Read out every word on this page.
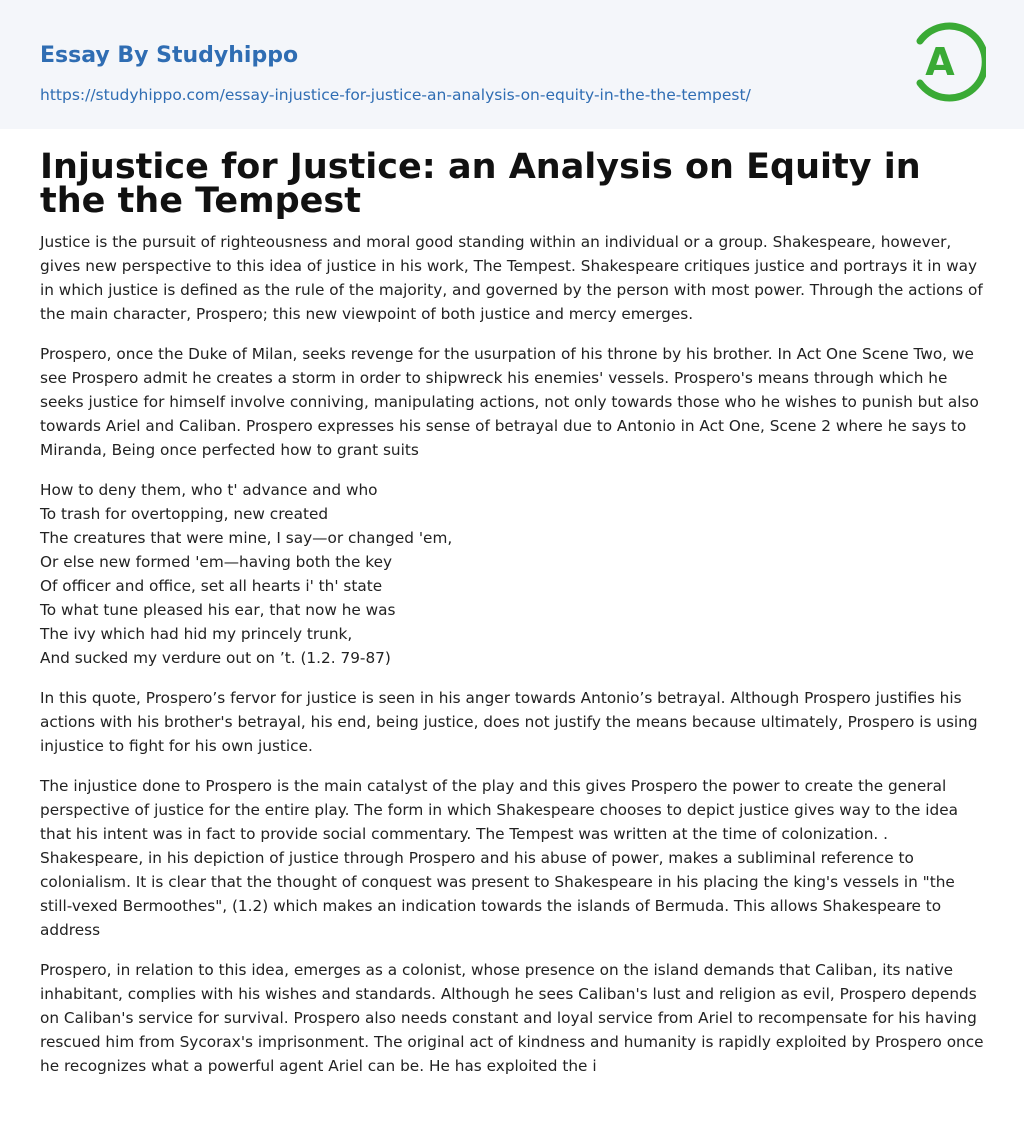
Essay By Studyhippo
https://studyhippo.com/essay-injustice-for-justice-an-analysis-on-equity-in-the-the-tempest/
A
Injustice for Justice: an Analysis on Equity in the the Tempest

Justice is the pursuit of righteousness and moral good standing within an individual or a group. Shakespeare, however, gives new perspective to this idea of justice in his work, The Tempest. Shakespeare critiques justice and portrays it in way in which justice is defined as the rule of the majority, and governed by the person with most power. Through the actions of the main character, Prospero; this new viewpoint of both justice and mercy emerges.

Prospero, once the Duke of Milan, seeks revenge for the usurpation of his throne by his brother. In Act One Scene Two, we see Prospero admit he creates a storm in order to shipwreck his enemies' vessels. Prospero's means through which he seeks justice for himself involve conniving, manipulating actions, not only towards those who he wishes to punish but also towards Ariel and Caliban. Prospero expresses his sense of betrayal due to Antonio in Act One, Scene 2 where he says to Miranda, Being once perfected how to grant suits

How to deny them, who t' advance and who
To trash for overtopping, new created
The creatures that were mine, I say—or changed 'em,
Or else new formed 'em—having both the key
Of officer and office, set all hearts i' th' state
To what tune pleased his ear, that now he was
The ivy which had hid my princely trunk,
And sucked my verdure out on ’t. (1.2. 79-87)

In this quote, Prospero’s fervor for justice is seen in his anger towards Antonio’s betrayal. Although Prospero justifies his actions with his brother's betrayal, his end, being justice, does not justify the means because ultimately, Prospero is using injustice to fight for his own justice.

The injustice done to Prospero is the main catalyst of the play and this gives Prospero the power to create the general perspective of justice for the entire play. The form in which Shakespeare chooses to depict justice gives way to the idea that his intent was in fact to provide social commentary. The Tempest was written at the time of colonization. . Shakespeare, in his depiction of justice through Prospero and his abuse of power, makes a subliminal reference to colonialism. It is clear that the thought of conquest was present to Shakespeare in his placing the king's vessels in "the still-vexed Bermoothes", (1.2) which makes an indication towards the islands of Bermuda. This allows Shakespeare to address

Prospero, in relation to this idea, emerges as a colonist, whose presence on the island demands that Caliban, its native inhabitant, complies with his wishes and standards. Although he sees Caliban's lust and religion as evil, Prospero depends on Caliban's service for survival. Prospero also needs constant and loyal service from Ariel to recompensate for his having rescued him from Sycorax's imprisonment. The original act of kindness and humanity is rapidly exploited by Prospero once he recognizes what a powerful agent Ariel can be. He has exploited the i
